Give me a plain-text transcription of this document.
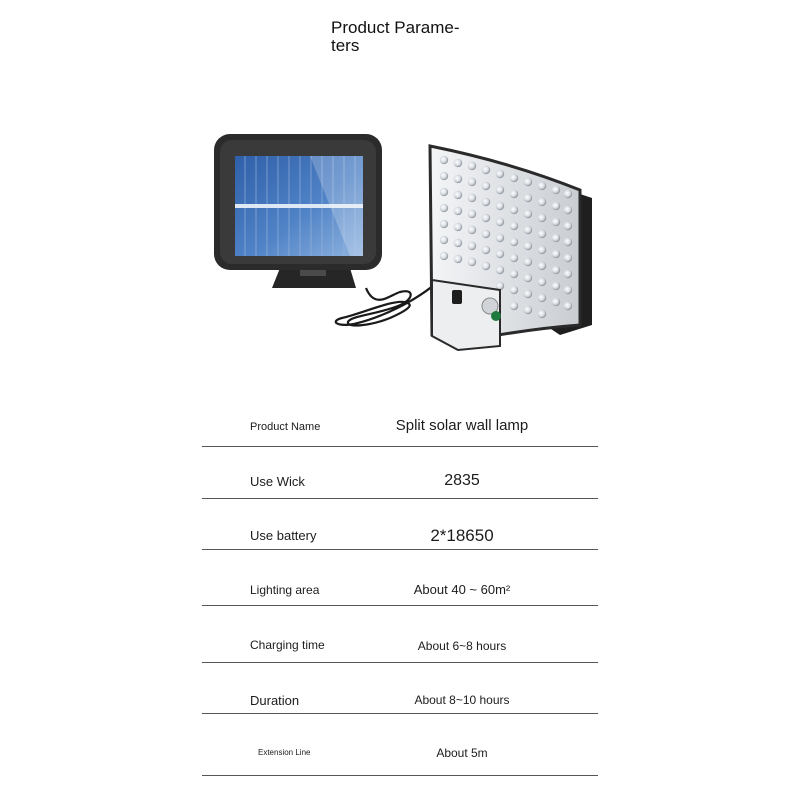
Product Parame-
ters
Product Name	Split solar wall lamp
Use Wick	2835
Use battery	2*18650
Lighting area	About 40 ~ 60m²
Charging time	About 6~8 hours
Duration	About 8~10 hours
Extension Line	About 5m
